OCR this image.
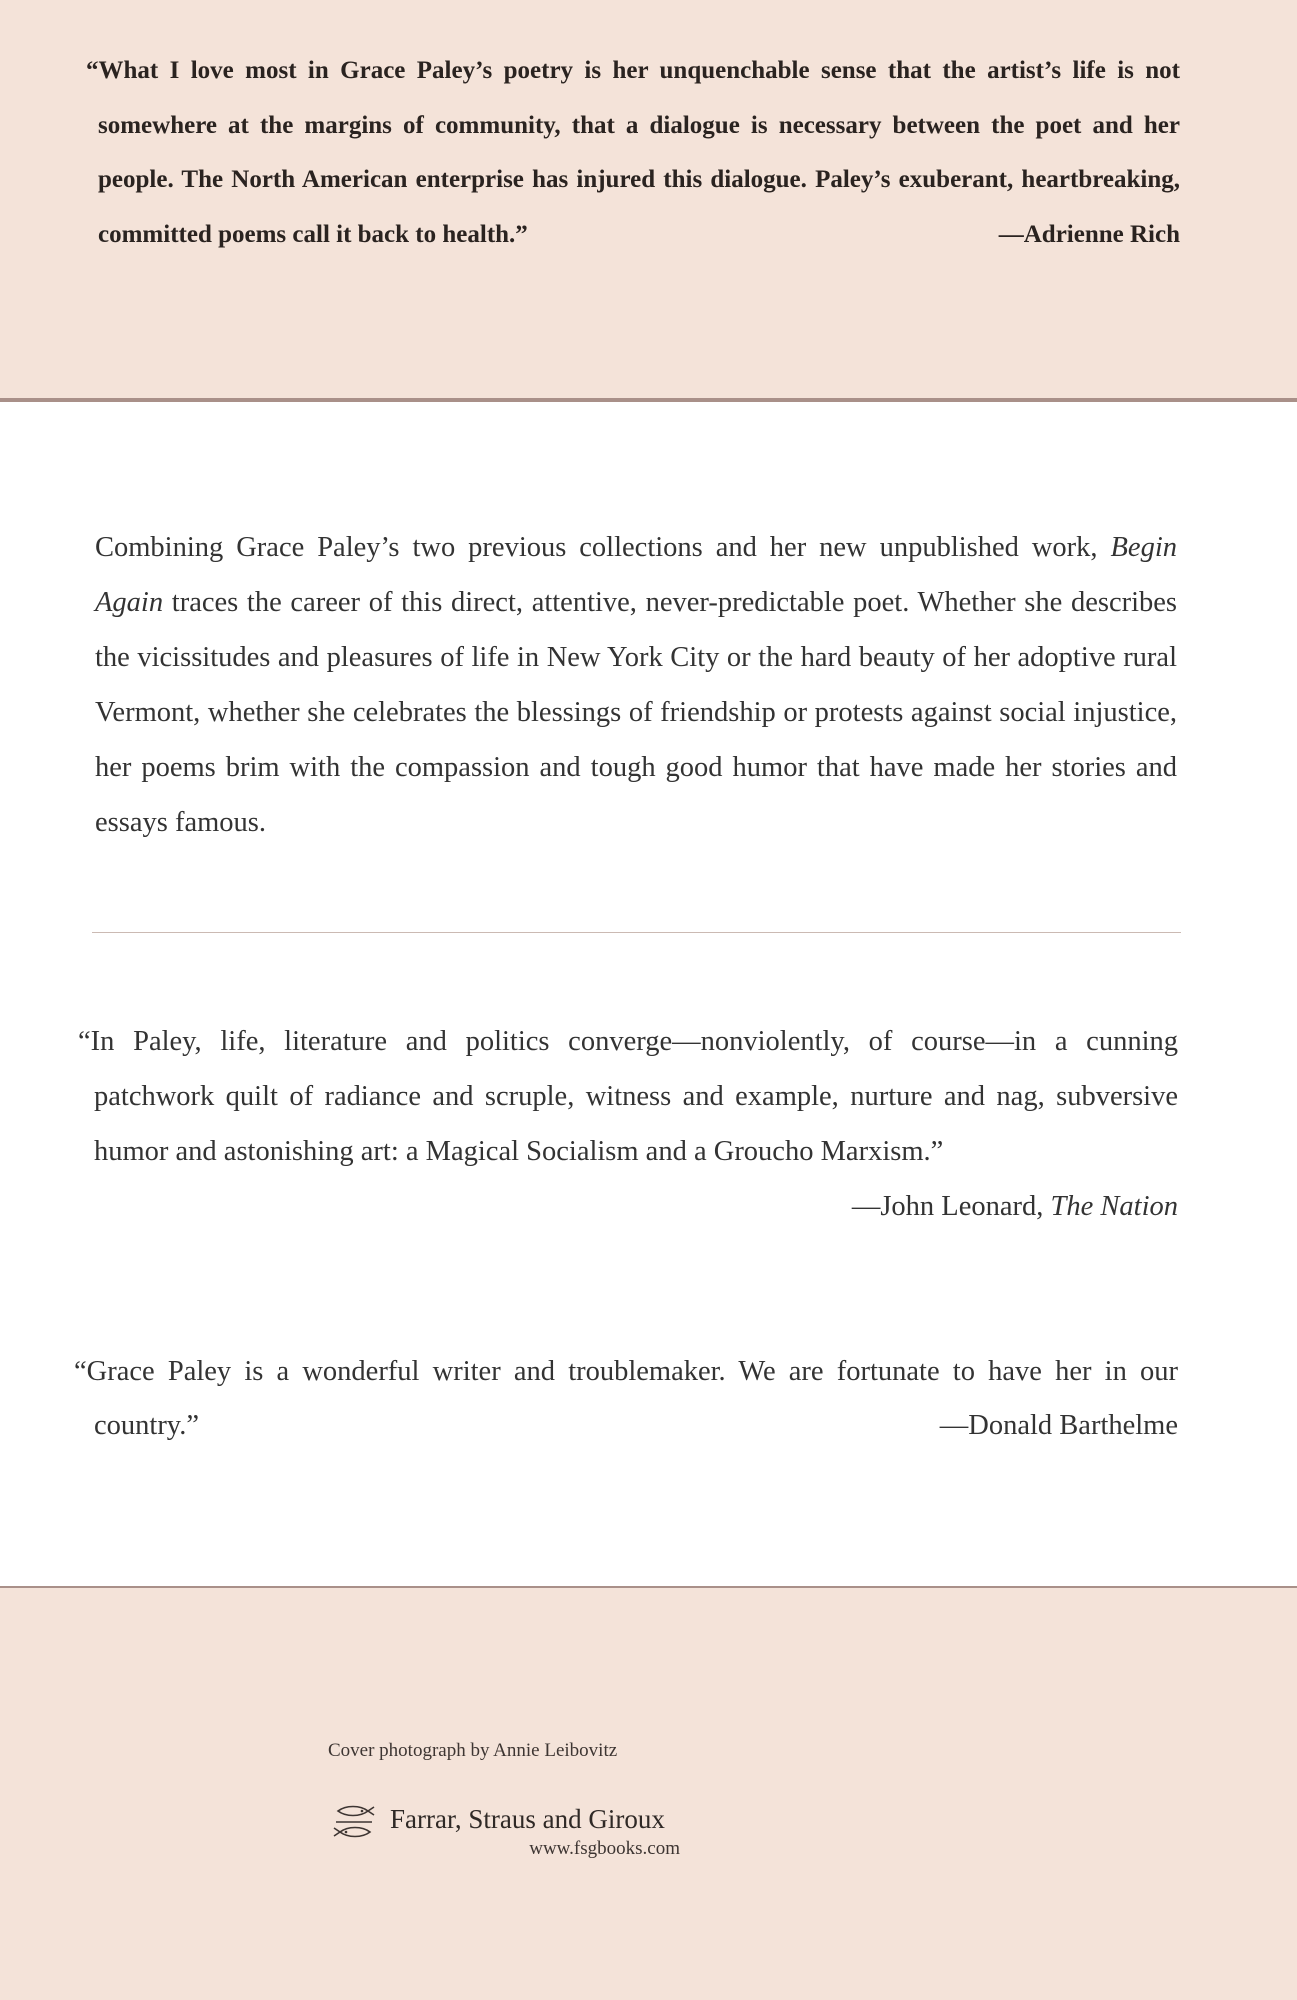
“What I love most in Grace Paley’s poetry is her unquenchable sense that the artist’s life is not somewhere at the margins of community, that a dialogue is necessary between the poet and her people. The North American enterprise has injured this dialogue. Paley’s exuberant, heartbreaking, committed poems call it back to health.”	—Adrienne Rich
Combining Grace Paley’s two previous collections and her new unpublished work, Begin Again traces the career of this direct, attentive, never-predictable poet. Whether she describes the vicissitudes and pleasures of life in New York City or the hard beauty of her adoptive rural Vermont, whether she celebrates the blessings of friendship or protests against social injustice, her poems brim with the compassion and tough good humor that have made her stories and essays famous.
“In Paley, life, literature and politics converge—nonviolently, of course—in a cunning patchwork quilt of radiance and scruple, witness and example, nurture and nag, subversive humor and astonishing art: a Magical Socialism and a Groucho Marxism.”
—John Leonard, The Nation
“Grace Paley is a wonderful writer and troublemaker. We are fortunate to have her in our country.”	—Donald Barthelme
Cover photograph by Annie Leibovitz
Farrar, Straus and Giroux
www.fsgbooks.com
